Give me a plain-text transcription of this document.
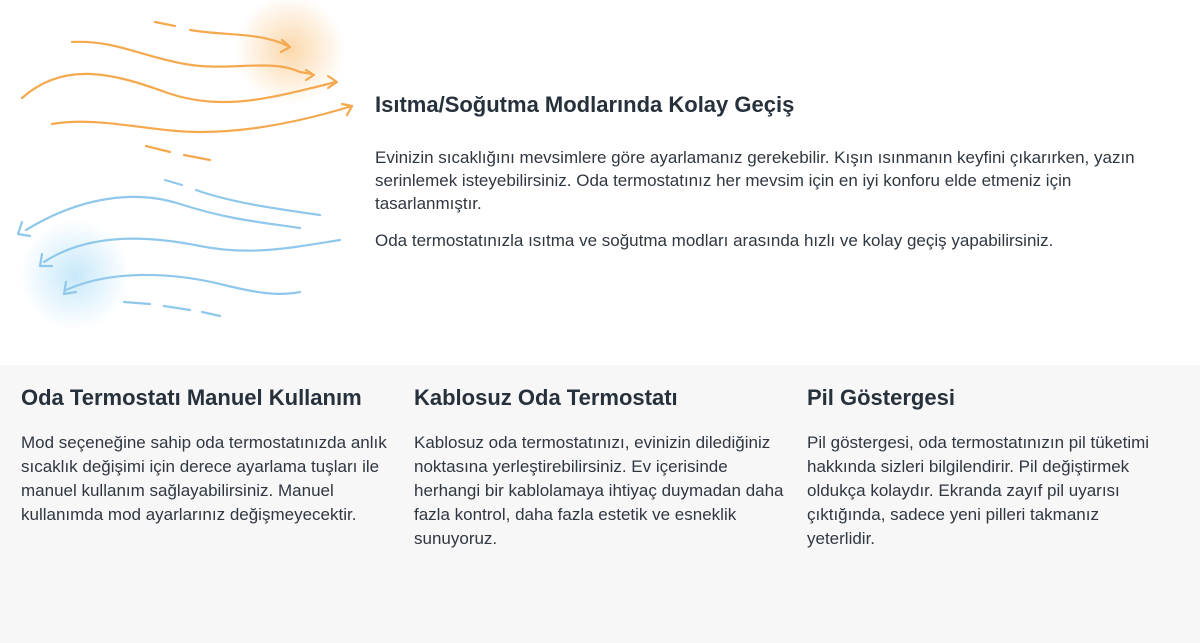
Isıtma/Soğutma Modlarında Kolay Geçiş

Evinizin sıcaklığını mevsimlere göre ayarlamanız gerekebilir. Kışın ısınmanın keyfini çıkarırken, yazın serinlemek isteyebilirsiniz. Oda termostatınız her mevsim için en iyi konforu elde etmeniz için tasarlanmıştır.

Oda termostatınızla ısıtma ve soğutma modları arasında hızlı ve kolay geçiş yapabilirsiniz.

Oda Termostatı Manuel Kullanım

Mod seçeneğine sahip oda termostatınızda anlık sıcaklık değişimi için derece ayarlama tuşları ile manuel kullanım sağlayabilirsiniz. Manuel kullanımda mod ayarlarınız değişmeyecektir.

Kablosuz Oda Termostatı

Kablosuz oda termostatınızı, evinizin dilediğiniz noktasına yerleştirebilirsiniz. Ev içerisinde herhangi bir kablolamaya ihtiyaç duymadan daha fazla kontrol, daha fazla estetik ve esneklik sunuyoruz.

Pil Göstergesi

Pil göstergesi, oda termostatınızın pil tüketimi hakkında sizleri bilgilendirir. Pil değiştirmek oldukça kolaydır. Ekranda zayıf pil uyarısı çıktığında, sadece yeni pilleri takmanız yeterlidir.
